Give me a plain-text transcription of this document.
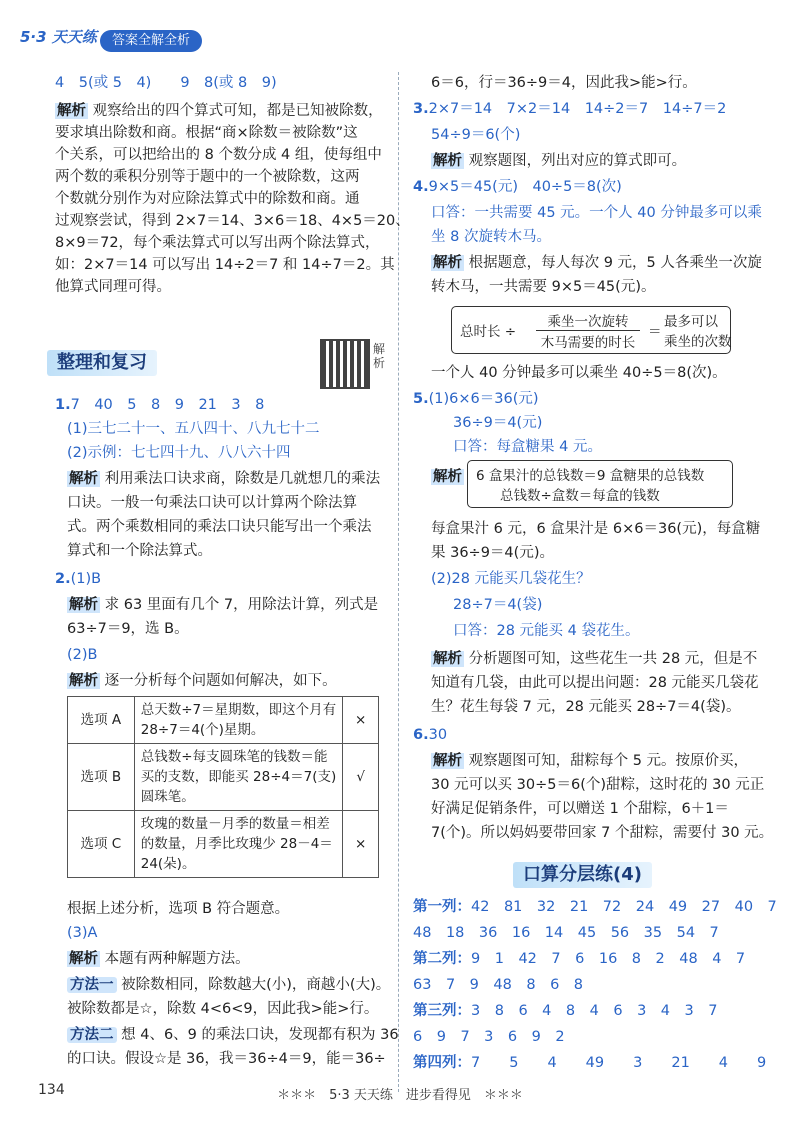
5·3 天天练	答案全解全析
4　5(或 5　4)　　9　8(或 8　9)
解析 观察给出的四个算式可知，都是已知被除数，
要求填出除数和商。根据“商×除数＝被除数”这
个关系，可以把给出的 8 个数分成 4 组，使每组中
两个数的乘积分别等于题中的一个被除数，这两
个数就分别作为对应除法算式中的除数和商。通
过观察尝试，得到 2×7＝14、3×6＝18、4×5＝20、
8×9＝72，每个乘法算式可以写出两个除法算式，
如：2×7＝14 可以写出 14÷2＝7 和 14÷7＝2。其
他算式同理可得。
整理和复习
解析
1.7　40　5　8　9　21　3　8
(1)三七二十一、五八四十、八九七十二
(2)示例：七七四十九、八八六十四
解析 利用乘法口诀求商，除数是几就想几的乘法
口诀。一般一句乘法口诀可以计算两个除法算
式。两个乘数相同的乘法口诀只能写出一个乘法
算式和一个除法算式。
2.(1)B
解析 求 63 里面有几个 7，用除法计算，列式是
63÷7＝9，选 B。
(2)B
解析 逐一分析每个问题如何解决，如下。
选项 A	总天数÷7＝星期数，即这个月有
28÷7＝4(个)星期。	×
选项 B	总钱数÷每支圆珠笔的钱数＝能
买的支数，即能买 28÷4＝7(支)
圆珠笔。	√
选项 C	玫瑰的数量－月季的数量＝相差
的数量，月季比玫瑰少 28－4＝
24(朵)。	×
根据上述分析，选项 B 符合题意。
(3)A
解析 本题有两种解题方法。
方法一 被除数相同，除数越大(小)，商越小(大)。
被除数都是☆，除数 4<6<9，因此我>能>行。
方法二 想 4、6、9 的乘法口诀，发现都有积为 36
的口诀。假设☆是 36，我＝36÷4＝9，能＝36÷
6＝6，行＝36÷9＝4，因此我>能>行。
3.2×7＝14　7×2＝14　14÷2＝7　14÷7＝2
54÷9＝6(个)
解析 观察题图，列出对应的算式即可。
4.9×5＝45(元)　40÷5＝8(次)
口答：一共需要 45 元。一个人 40 分钟最多可以乘
坐 8 次旋转木马。
解析 根据题意，每人每次 9 元，5 人各乘坐一次旋
转木马，一共需要 9×5＝45(元)。
总时长 ÷
乘坐一次旋转
木马需要的时长
＝
最多可以
乘坐的次数
一个人 40 分钟最多可以乘坐 40÷5＝8(次)。
5.(1)6×6＝36(元)
36÷9＝4(元)
口答：每盒糖果 4 元。
解析 6 盒果汁的总钱数＝9 盒糖果的总钱数
总钱数÷盒数＝每盒的钱数
每盒果汁 6 元，6 盒果汁是 6×6＝36(元)，每盒糖
果 36÷9＝4(元)。
(2)28 元能买几袋花生？
28÷7＝4(袋)
口答：28 元能买 4 袋花生。
解析 分析题图可知，这些花生一共 28 元，但是不
知道有几袋，由此可以提出问题：28 元能买几袋花
生？花生每袋 7 元，28 元能买 28÷7＝4(袋)。
6.30
解析 观察题图可知，甜粽每个 5 元。按原价买，
30 元可以买 30÷5＝6(个)甜粽，这时花的 30 元正
好满足促销条件，可以赠送 1 个甜粽，6＋1＝
7(个)。所以妈妈要带回家 7 个甜粽，需要付 30 元。
口算分层练(4)
第一列：42　81　32　21　72　24　49　27　40　7
48　18　36　16　14　45　56　35　54　7
第二列：9　1　42　7　6　16　8　2　48　4　7
63　7　9　48　8　6　8
第三列：3　8　6　4　8　4　6　3　4　3　7
6　9　7　3　6　9　2
第四列：7　　5　　4　　49　　3　　21　　4　　9
134	＊＊＊　5·3 天天练　进步看得见　＊＊＊
